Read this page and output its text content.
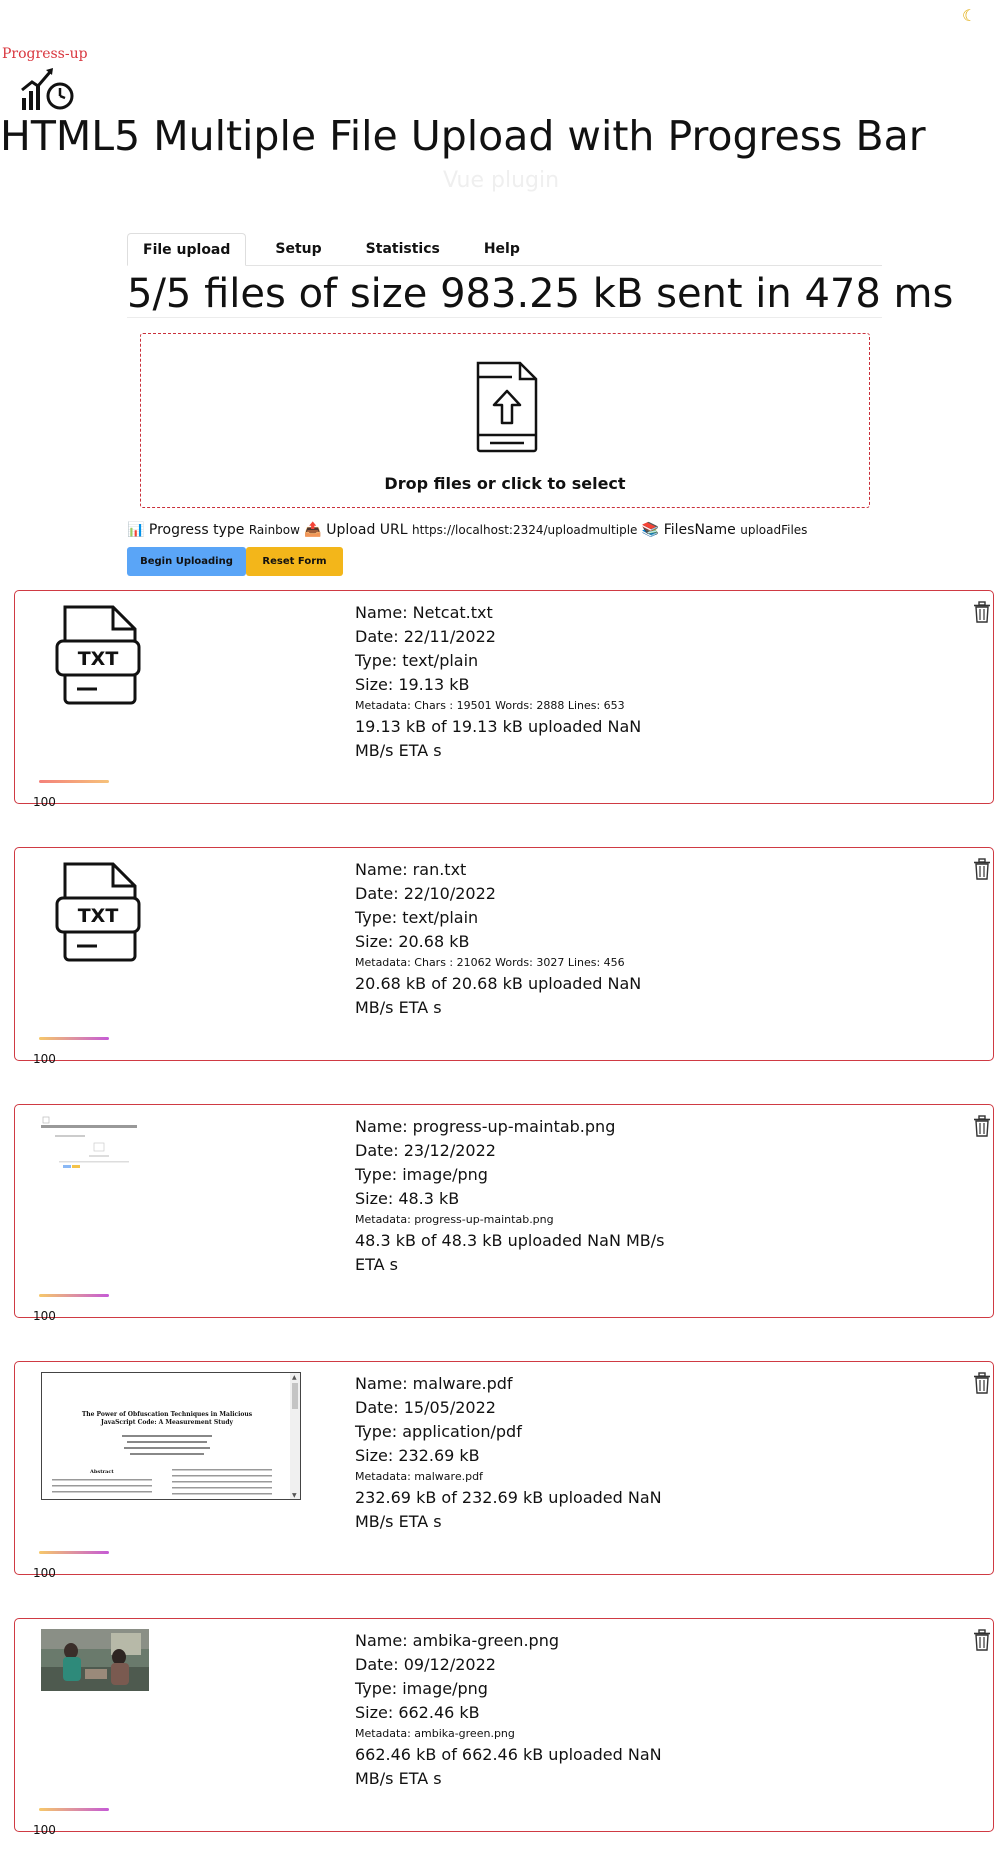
☾
Progress-up
HTML5 Multiple File Upload with Progress Bar
Vue plugin
File upload	Setup	Statistics	Help
5/5 files of size 983.25 kB sent in 478 ms
Drop files or click to select
📊 Progress type Rainbow 📤 Upload URL https://localhost:2324/uploadmultiple 📚 FilesName uploadFiles
Begin Uploading	Reset Form
TXT
Name: Netcat.txt
Date: 22/11/2022
Type: text/plain
Size: 19.13 kB
Metadata: Chars : 19501 Words: 2888 Lines: 653
19.13 kB of 19.13 kB uploaded NaN
MB/s ETA s
100
TXT
Name: ran.txt
Date: 22/10/2022
Type: text/plain
Size: 20.68 kB
Metadata: Chars : 21062 Words: 3027 Lines: 456
20.68 kB of 20.68 kB uploaded NaN
MB/s ETA s
100
Name: progress-up-maintab.png
Date: 23/12/2022
Type: image/png
Size: 48.3 kB
Metadata: progress-up-maintab.png
48.3 kB of 48.3 kB uploaded NaN MB/s
ETA s
100
The Power of Obfuscation Techniques in Malicious JavaScript Code: A Measurement Study
Abstract
▼
▲	Name: malware.pdf
Date: 15/05/2022
Type: application/pdf
Size: 232.69 kB
Metadata: malware.pdf
232.69 kB of 232.69 kB uploaded NaN
MB/s ETA s
100
Name: ambika-green.png
Date: 09/12/2022
Type: image/png
Size: 662.46 kB
Metadata: ambika-green.png
662.46 kB of 662.46 kB uploaded NaN
MB/s ETA s
100
